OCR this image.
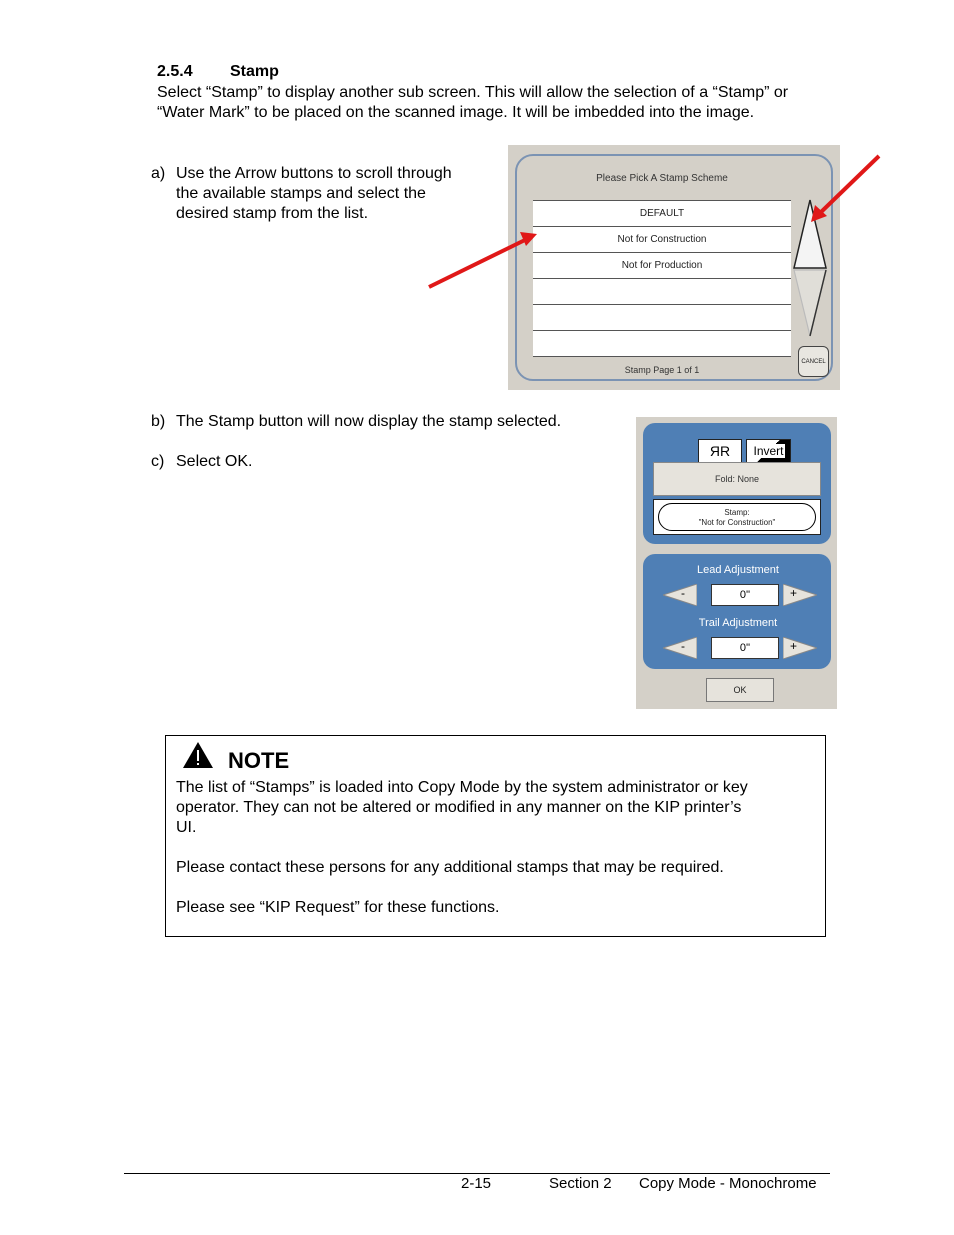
2.5.4 Stamp
Select “Stamp” to display another sub screen. This will allow the selection of a “Stamp” or “Water Mark” to be placed on the scanned image. It will be imbedded into the image.
a) Use the Arrow buttons to scroll through
the available stamps and select the
desired stamp from the list.
Please Pick A Stamp Scheme
DEFAULT
Not for Construction
Not for Production
CANCEL
Stamp Page 1 of 1
b) The Stamp button will now display the stamp selected.
c) Select OK.
ЯR	Invert
Fold: None
Stamp:
"Not for Construction"
Lead Adjustment
-	0''	+
Trail Adjustment
-	0''	+
OK
NOTE
The list of “Stamps” is loaded into Copy Mode by the system administrator or key
operator. They can not be altered or modified in any manner on the KIP printer’s
UI.
Please contact these persons for any additional stamps that may be required.
Please see “KIP Request” for these functions.
2-15	Section 2 Copy Mode - Monochrome
